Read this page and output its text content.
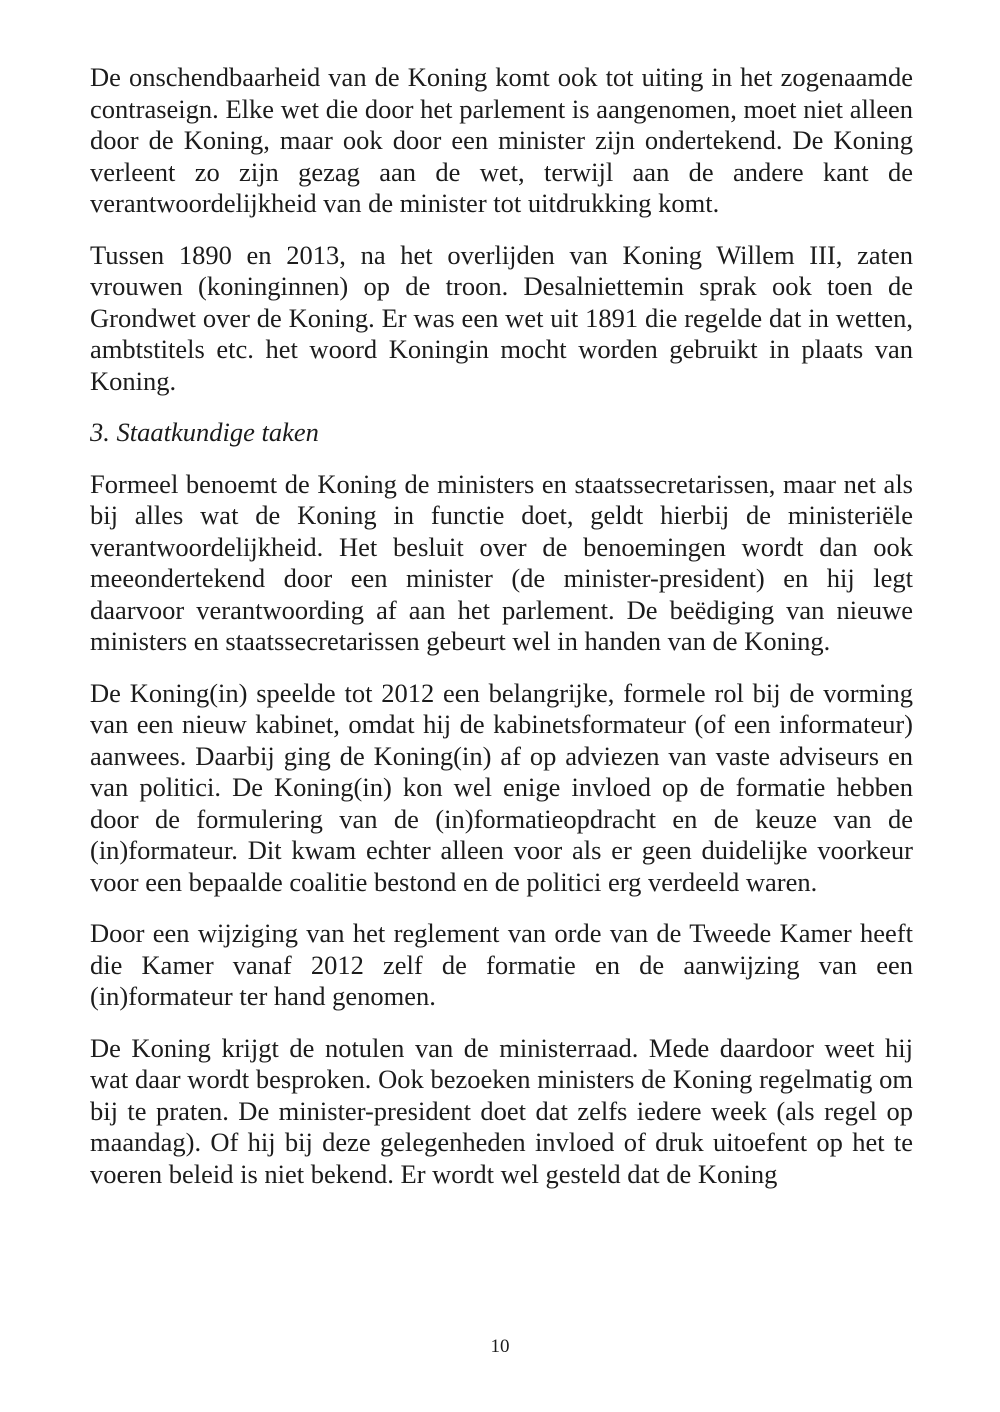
De onschendbaarheid van de Koning komt ook tot uiting in het zogenaamde contraseign. Elke wet die door het parlement is aangenomen, moet niet alleen door de Koning, maar ook door een minister zijn ondertekend. De Koning verleent zo zijn gezag aan de wet, terwijl aan de andere kant de verantwoordelijkheid van de minister tot uitdrukking komt.

Tussen 1890 en 2013, na het overlijden van Koning Willem III, zaten vrouwen (koninginnen) op de troon. Desalniettemin sprak ook toen de Grondwet over de Koning. Er was een wet uit 1891 die regelde dat in wetten, ambtstitels etc. het woord Koningin mocht worden gebruikt in plaats van Koning.

3. Staatkundige taken

Formeel benoemt de Koning de ministers en staatssecretarissen, maar net als bij alles wat de Koning in functie doet, geldt hierbij de ministeriële verantwoordelijkheid. Het besluit over de benoemingen wordt dan ook meeondertekend door een minister (de minister-president) en hij legt daarvoor verantwoording af aan het parlement. De beëdiging van nieuwe ministers en staatssecretarissen gebeurt wel in handen van de Koning.

De Koning(in) speelde tot 2012 een belangrijke, formele rol bij de vorming van een nieuw kabinet, omdat hij de kabinetsformateur (of een informateur) aanwees. Daarbij ging de Koning(in) af op adviezen van vaste adviseurs en van politici. De Koning(in) kon wel enige invloed op de formatie hebben door de formulering van de (in)formatieopdracht en de keuze van de (in)formateur. Dit kwam echter alleen voor als er geen duidelijke voorkeur voor een bepaalde coalitie bestond en de politici erg verdeeld waren.

Door een wijziging van het reglement van orde van de Tweede Kamer heeft die Kamer vanaf 2012 zelf de formatie en de aanwijzing van een (in)formateur ter hand genomen.

De Koning krijgt de notulen van de ministerraad. Mede daardoor weet hij wat daar wordt besproken. Ook bezoeken ministers de Koning regelmatig om bij te praten. De minister-president doet dat zelfs iedere week (als regel op maandag). Of hij bij deze gelegenheden invloed of druk uitoefent op het te voeren beleid is niet bekend. Er wordt wel gesteld dat de Koning

10
